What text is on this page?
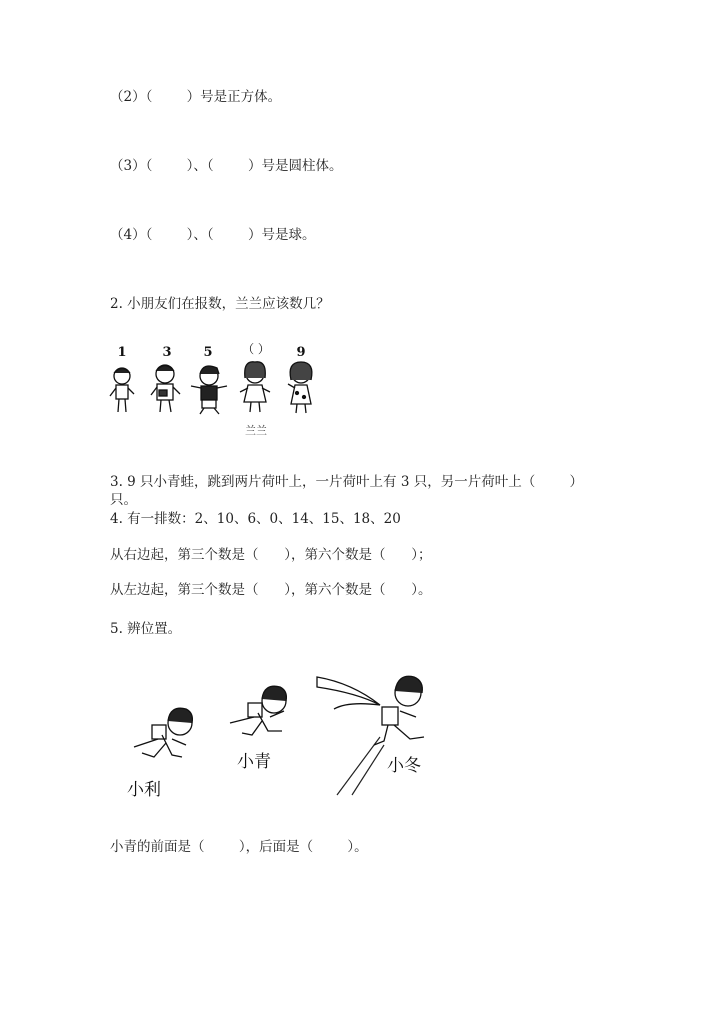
（2）（        ）号是正方体。
（3）（        ）、（        ）号是圆柱体。
（4）（        ）、（        ）号是球。
2. 小朋友们在报数，兰兰应该数几？
1	3 5 （ ） 9
兰兰
3. 9 只小青蛙，跳到两片荷叶上，一片荷叶上有 3 只，另一片荷叶上（        ）
只。
4. 有一排数：2、10、6、0、14、15、18、20
从右边起，第三个数是（      ），第六个数是（      ）；
从左边起，第三个数是（      ），第六个数是（      ）。
5. 辨位置。
小利
小青	小冬
小青的前面是（        ），后面是（        ）。
